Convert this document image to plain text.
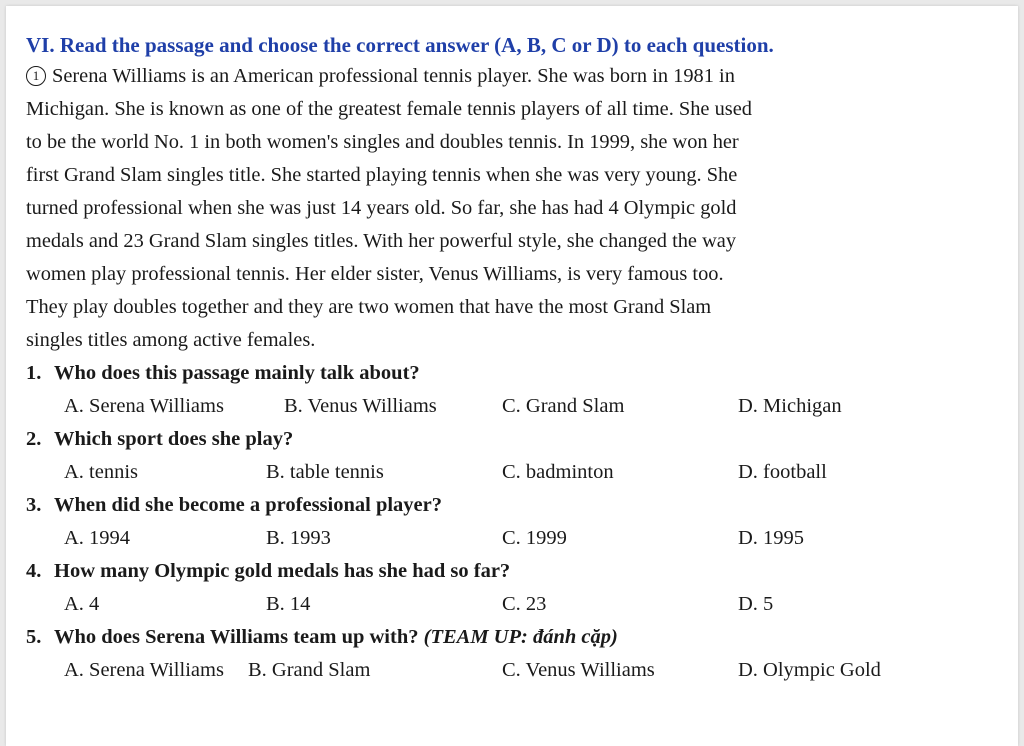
VI. Read the passage and choose the correct answer (A, B, C or D) to each question.
1 Serena Williams is an American professional tennis player. She was born in 1981 in
Michigan. She is known as one of the greatest female tennis players of all time. She used
to be the world No. 1 in both women's singles and doubles tennis. In 1999, she won her
first Grand Slam singles title. She started playing tennis when she was very young. She
turned professional when she was just 14 years old. So far, she has had 4 Olympic gold
medals and 23 Grand Slam singles titles. With her powerful style, she changed the way
women play professional tennis. Her elder sister, Venus Williams, is very famous too.
They play doubles together and they are two women that have the most Grand Slam
singles titles among active females.
1. Who does this passage mainly talk about?
A. Serena Williams	B. Venus Williams	C. Grand Slam	D. Michigan
2. Which sport does she play?
A. tennis	B. table tennis	C. badminton	D. football
3. When did she become a professional player?
A. 1994	B. 1993	C. 1999	D. 1995
4. How many Olympic gold medals has she had so far?
A. 4	B. 14	C. 23	D. 5
5. Who does Serena Williams team up with? (TEAM UP: đánh cặp)
A. Serena Williams B. Grand Slam	C. Venus Williams	D. Olympic Gold
